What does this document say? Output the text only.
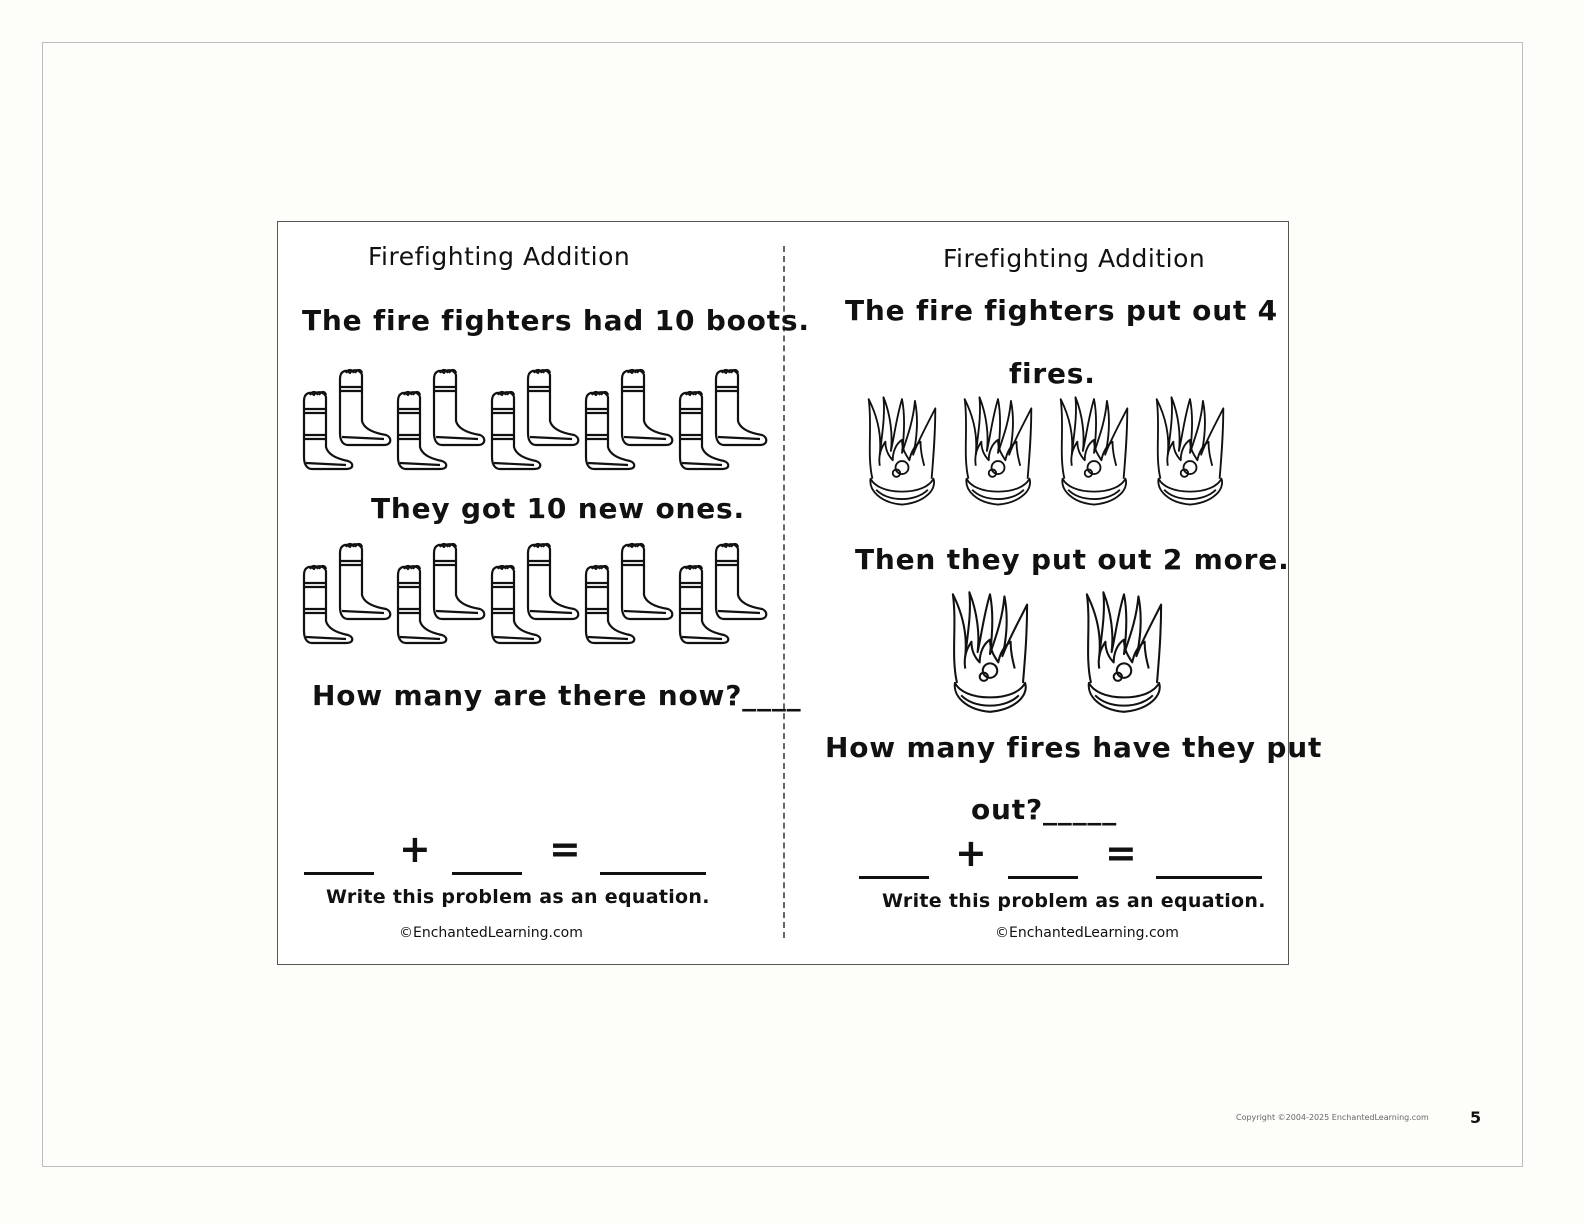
Firefighting Addition
The fire fighters had 10 boots.
They got 10 new ones.
How many are there now?____
+	=
Write this problem as an equation.
©EnchantedLearning.com
Firefighting Addition
The fire fighters put out 4
fires.
Then they put out 2 more.
How many fires have they put
out?_____
+	=
Write this problem as an equation.
©EnchantedLearning.com
Copyright ©2004-2025 EnchantedLearning.com	5
